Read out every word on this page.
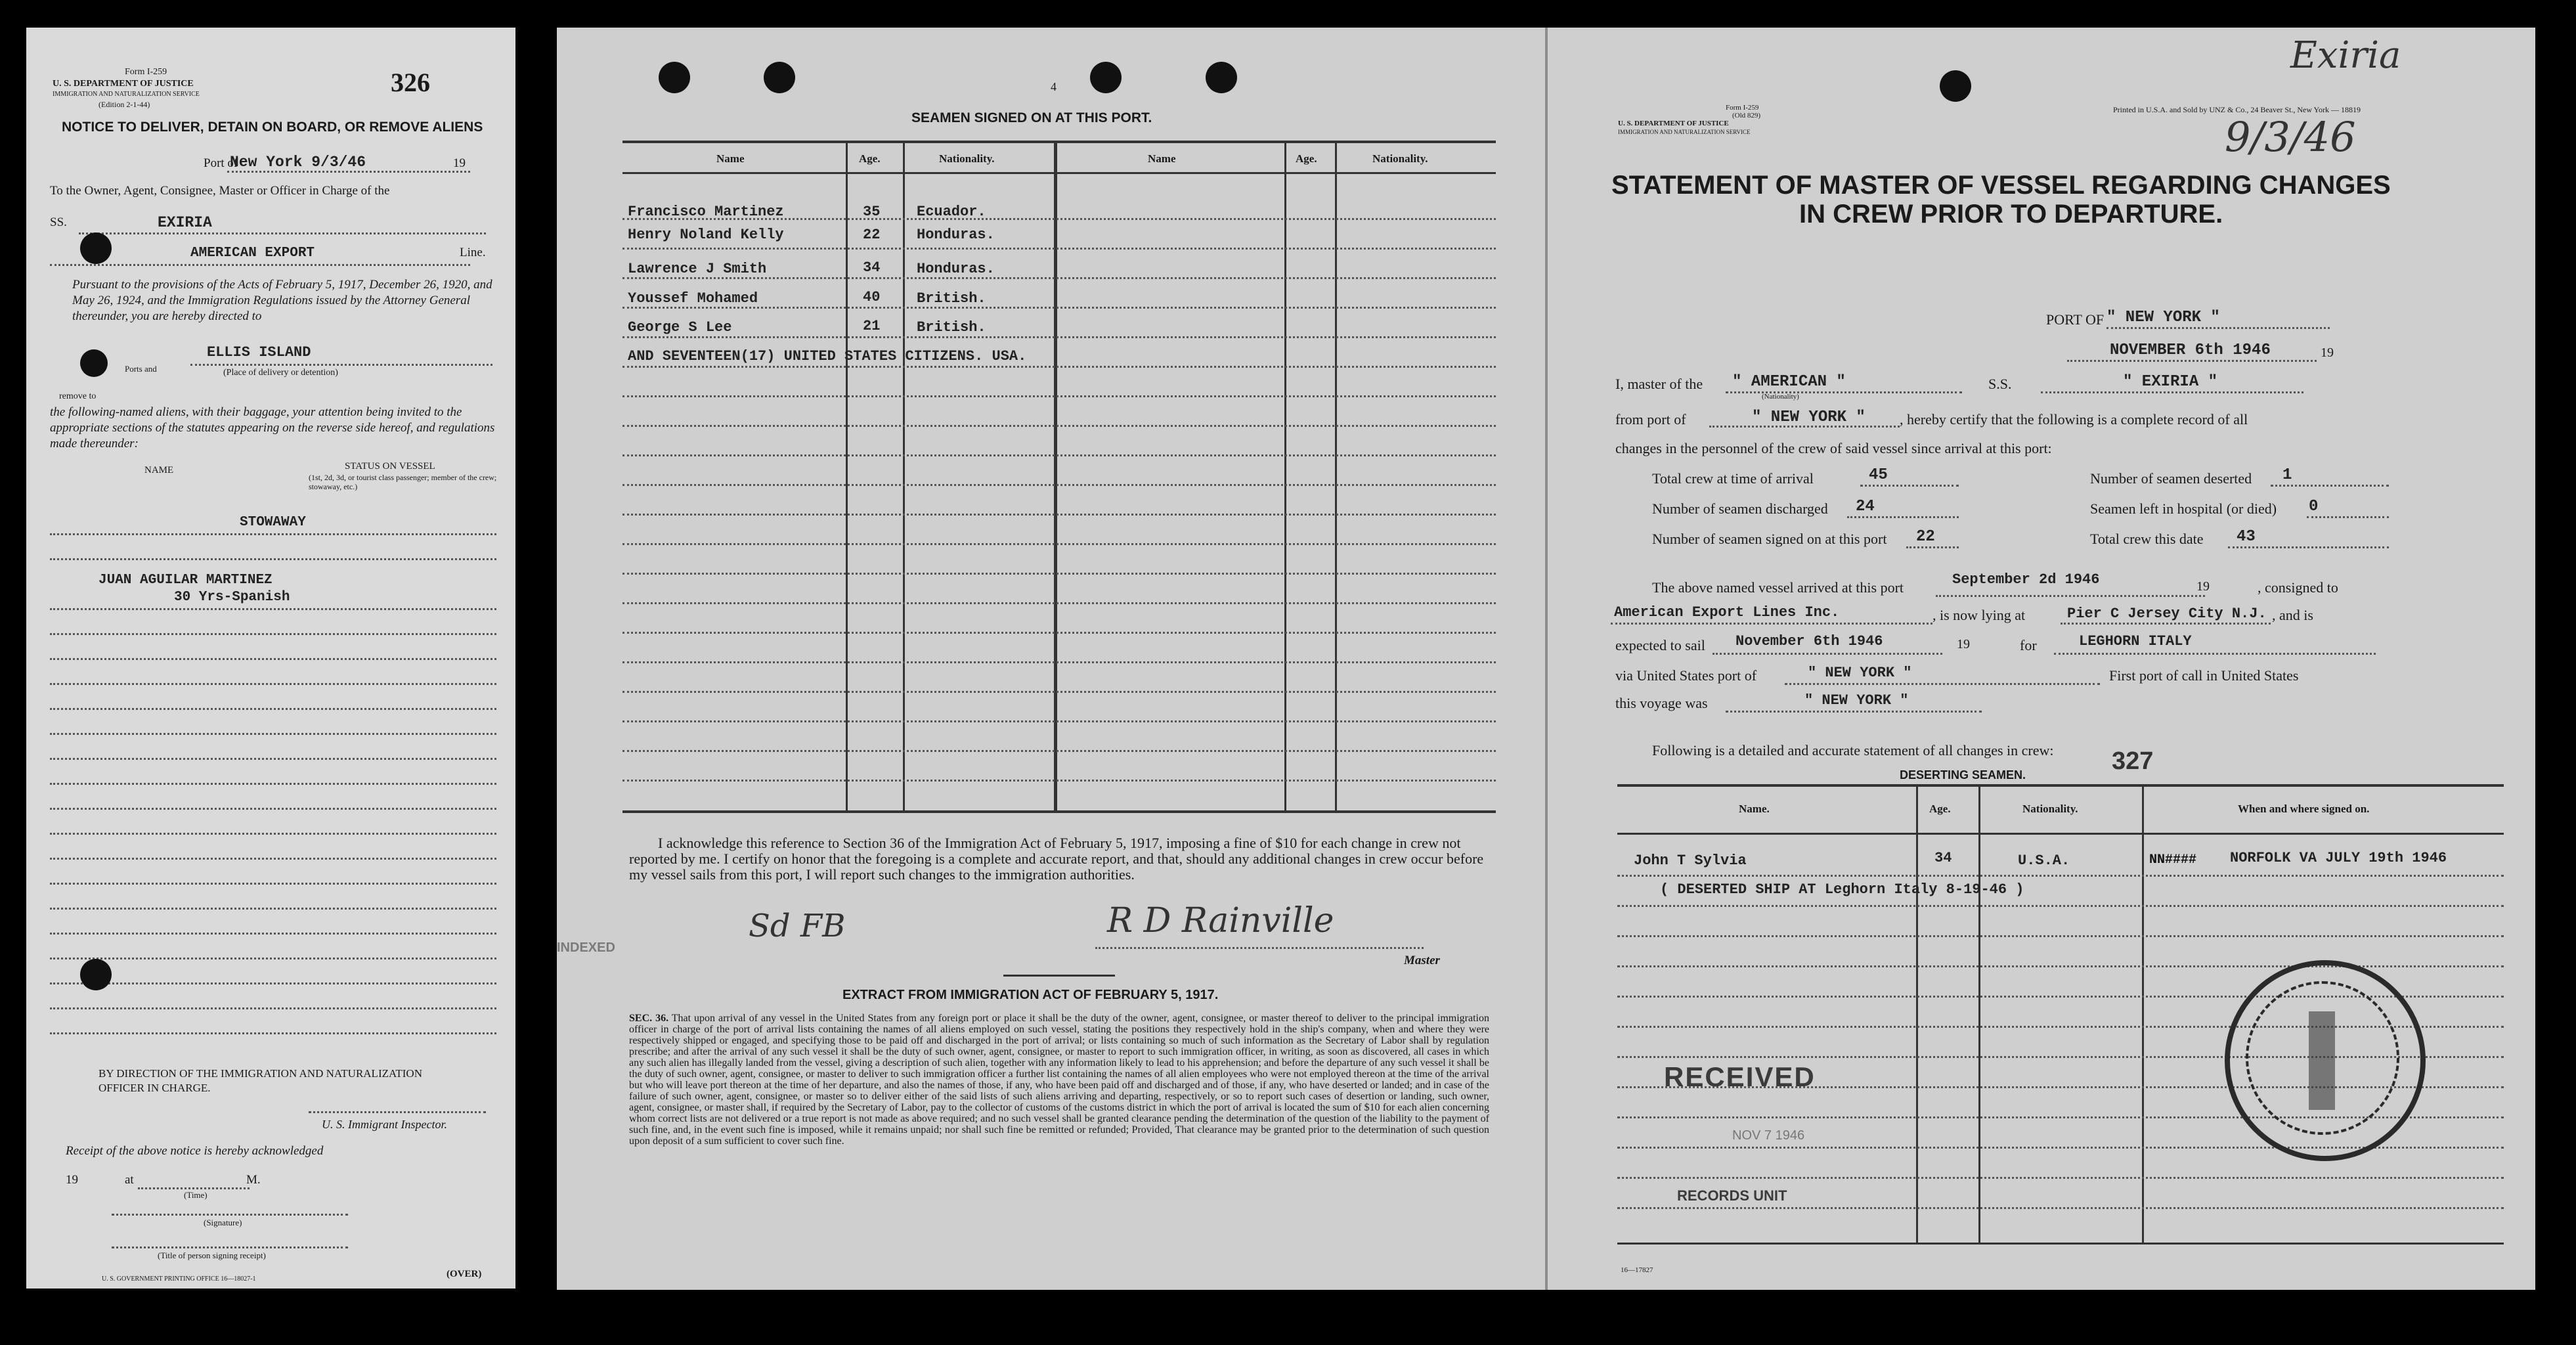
Form I-259
U. S. DEPARTMENT OF JUSTICE
IMMIGRATION AND NATURALIZATION SERVICE
(Edition 2-1-44)
326
NOTICE TO DELIVER, DETAIN ON BOARD, OR REMOVE ALIENS
Port of
New York 9/3/46	19
To the Owner, Agent, Consignee, Master or Officer in Charge of the
SS.	EXIRIA
AMERICAN EXPORT	Line.
Pursuant to the provisions of the Acts of February 5, 1917, December 26, 1920, and May 26, 1924, and the Immigration Regulations issued by the Attorney General thereunder, you are hereby directed to
ELLIS ISLAND
(Place of delivery or detention)
Ports and
remove to
the following-named aliens, with their baggage, your attention being invited to the appropriate sections of the statutes appearing on the reverse side hereof, and regulations made thereunder:
NAME	STATUS ON VESSEL
(1st, 2d, 3d, or tourist class passenger; member of the crew; stowaway, etc.)
STOWAWAY
JUAN AGUILAR MARTINEZ
30 Yrs-Spanish
BY DIRECTION OF THE IMMIGRATION AND NATURALIZATION OFFICER IN CHARGE.
U. S. Immigrant Inspector.
Receipt of the above notice is hereby acknowledged
19	at	M.
(Time)
(Signature)
(Title of person signing receipt)
U. S. GOVERNMENT PRINTING OFFICE 16—18027-1	(OVER)
4
SEAMEN SIGNED ON AT THIS PORT.
Name	Age.	Nationality.	Name	Age.	Nationality.
Francisco Martinez	35	Ecuador.
Henry Noland Kelly	22	Honduras.
Lawrence J Smith	34	Honduras.
Youssef Mohamed	40	British.
George S Lee	21	British.
AND SEVENTEEN(17) UNITED STATES CITIZENS. USA.
I acknowledge this reference to Section 36 of the Immigration Act of February 5, 1917, imposing a fine of $10 for each change in crew not reported by me. I certify on honor that the foregoing is a complete and accurate report, and that, should any additional changes in crew occur before my vessel sails from this port, I will report such changes to the immigration authorities.
Sd FB	R D Rainville
Master
INDEXED
EXTRACT FROM IMMIGRATION ACT OF FEBRUARY 5, 1917.
SEC. 36. That upon arrival of any vessel in the United States from any foreign port or place it shall be the duty of the owner, agent, consignee, or master thereof to deliver to the principal immigration officer in charge of the port of arrival lists containing the names of all aliens employed on such vessel, stating the positions they respectively hold in the ship's company, when and where they were respectively shipped or engaged, and specifying those to be paid off and discharged in the port of arrival; or lists containing so much of such information as the Secretary of Labor shall by regulation prescribe; and after the arrival of any such vessel it shall be the duty of such owner, agent, consignee, or master to report to such immigration officer, in writing, as soon as discovered, all cases in which any such alien has illegally landed from the vessel, giving a description of such alien, together with any information likely to lead to his apprehension; and before the departure of any such vessel it shall be the duty of such owner, agent, consignee, or master to deliver to such immigration officer a further list containing the names of all alien employees who were not employed thereon at the time of the arrival but who will leave port thereon at the time of her departure, and also the names of those, if any, who have been paid off and discharged and of those, if any, who have deserted or landed; and in case of the failure of such owner, agent, consignee, or master so to deliver either of the said lists of such aliens arriving and departing, respectively, or so to report such cases of desertion or landing, such owner, agent, consignee, or master shall, if required by the Secretary of Labor, pay to the collector of customs of the customs district in which the port of arrival is located the sum of $10 for each alien concerning whom correct lists are not delivered or a true report is not made as above required; and no such vessel shall be granted clearance pending the determination of the question of the liability to the payment of such fine, and, in the event such fine is imposed, while it remains unpaid; nor shall such fine be remitted or refunded; Provided, That clearance may be granted prior to the determination of such question upon deposit of a sum sufficient to cover such fine.
Form I-259
(Old 829)
U. S. DEPARTMENT OF JUSTICE
IMMIGRATION AND NATURALIZATION SERVICE
Printed in U.S.A. and Sold by UNZ & Co., 24 Beaver St., New York — 18819
Exiria
9/3/46
STATEMENT OF MASTER OF VESSEL REGARDING CHANGES
IN CREW PRIOR TO DEPARTURE.
PORT OF " NEW YORK "
NOVEMBER 6th 1946	19
I, master of the " AMERICAN "
(Nationality)
S.S.	" EXIRIA "
from port of	" NEW YORK " , hereby certify that the following is a complete record of all
changes in the personnel of the crew of said vessel since arrival at this port:
Total crew at time of arrival	45	Number of seamen deserted 1
Number of seamen discharged 24	Seamen left in hospital (or died) 0
Number of seamen signed on at this port 22	Total crew this date 43
The above named vessel arrived at this port	September 2d 1946	19	, consigned to
American Export Lines Inc.	, is now lying at	Pier C Jersey City N.J. , and is
expected to sail November 6th 1946	19	for	LEGHORN ITALY
via United States port of	" NEW YORK "	First port of call in United States
this voyage was	" NEW YORK "
Following is a detailed and accurate statement of all changes in crew: 327
DESERTING SEAMEN.
Name.	Age.	Nationality.	When and where signed on.
John T Sylvia	34	U.S.A.	NN#### NORFOLK VA JULY 19th 1946
( DESERTED SHIP AT Leghorn Italy 8-19-46 )
RECEIVED
NOV 7 1946
RECORDS UNIT
16—17827
